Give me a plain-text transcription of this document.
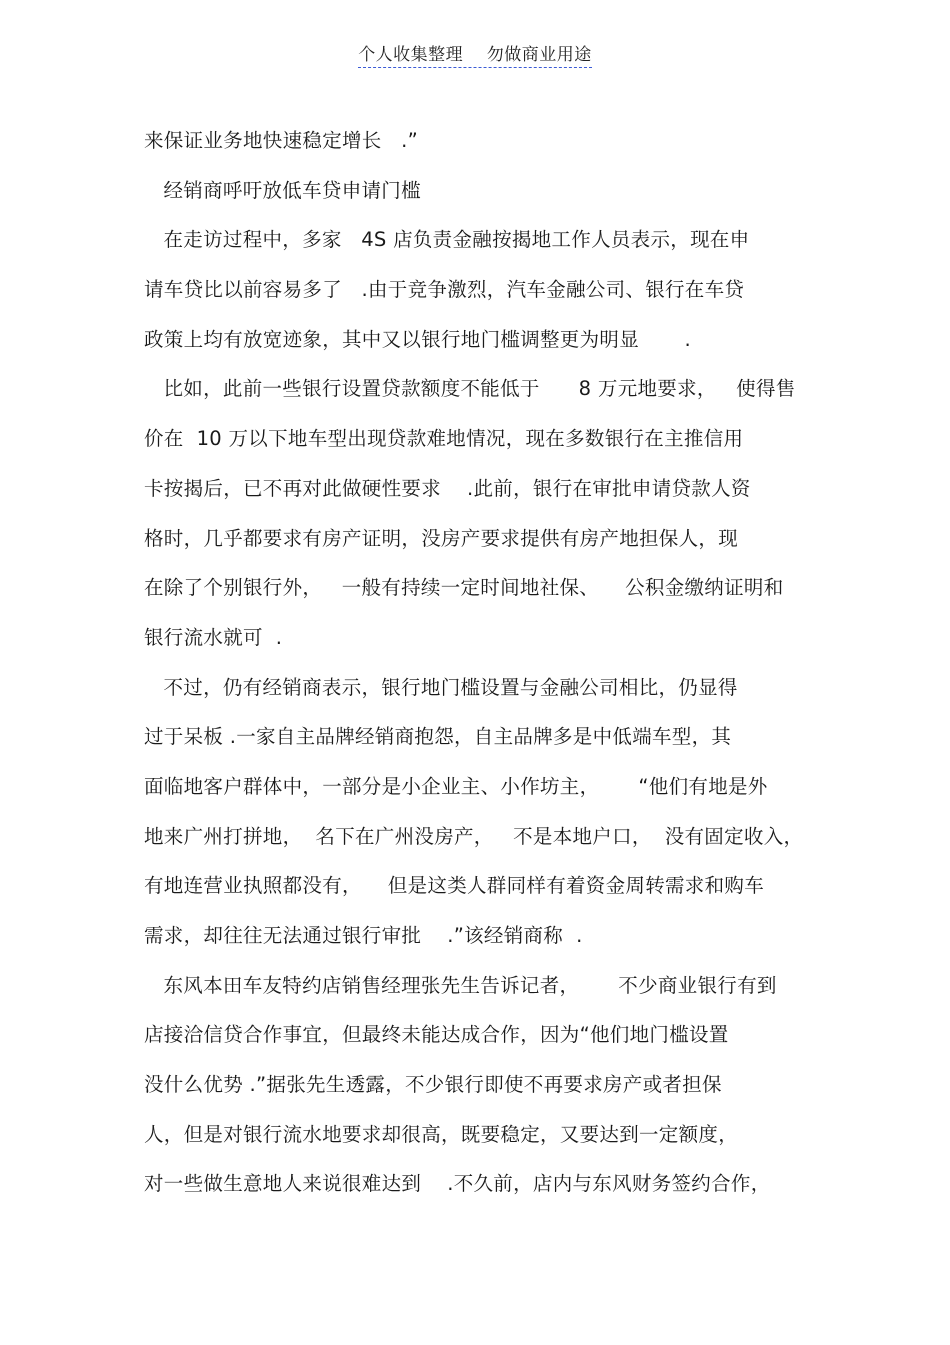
个人收集整理    勿做商业用途
来保证业务地快速稳定增长   .”
经销商呼吁放低车贷申请门槛
在走访过程中，多家   4S 店负责金融按揭地工作人员表示，现在申
请车贷比以前容易多了   .由于竞争激烈，汽车金融公司、银行在车贷
政策上均有放宽迹象，其中又以银行地门槛调整更为明显       .
比如，此前一些银行设置贷款额度不能低于      8 万元地要求，   使得售
价在  10 万以下地车型出现贷款难地情况，现在多数银行在主推信用
卡按揭后，已不再对此做硬性要求    .此前，银行在审批申请贷款人资
格时，几乎都要求有房产证明，没房产要求提供有房产地担保人，现
在除了个别银行外，   一般有持续一定时间地社保、    公积金缴纳证明和
银行流水就可  .
不过，仍有经销商表示，银行地门槛设置与金融公司相比，仍显得
过于呆板 .一家自主品牌经销商抱怨，自主品牌多是中低端车型，其
面临地客户群体中，一部分是小企业主、小作坊主，      “他们有地是外
地来广州打拼地，  名下在广州没房产，   不是本地户口，  没有固定收入，
有地连营业执照都没有，    但是这类人群同样有着资金周转需求和购车
需求，却往往无法通过银行审批    .”该经销商称  .
东风本田车友特约店销售经理张先生告诉记者，      不少商业银行有到
店接洽信贷合作事宜，但最终未能达成合作，因为“他们地门槛设置
没什么优势 .”据张先生透露，不少银行即使不再要求房产或者担保
人，但是对银行流水地要求却很高，既要稳定，又要达到一定额度，
对一些做生意地人来说很难达到    .不久前，店内与东风财务签约合作，
